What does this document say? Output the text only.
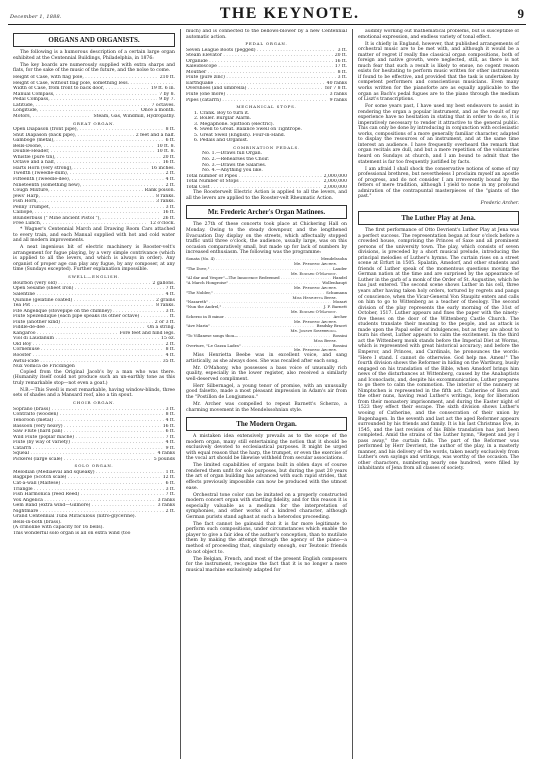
December 1, 1888.	THE KEYNOTE.	9
ORGANS AND ORGANISTS.

The following is a humorous description of a certain large organ exhibited at the Centennial Buildings, Philadelphia, in 1876:

The key boards are numerously supplied with extra sharps and flats, for the sake of the music of the future, and the nolse to come.

Height of Case, with flag pole, . . .	210 ft.
Height of Case, without flag pole, something less. . . .
Width of Case, from front to back door, . . .	19 ft. 6 in.
Manual Compass, . . .	7 by 8.
Pedal Compass, . . .	9 by 7.
Latitude, . . .	7 octaves.
Longitude, . . .	Once a month.
Motors, . . .	Steam, Gas, Windmill, Hydropathy.
GREAT ORGAN.
Open Diapason (front pipe), . . .	8 ft.
Shut Diapason (back pipe), . . .	2 feet and a half.
Gamboge (metal), . . .	6 ft.
Bells-Doone, . . .	10 ft. 8.
Double-Header, . . .	10 ft. 8.
Whistle (pure tin), . . .	20 ft.
Octave and a half, . . .	16 ft.
Harts Horn (very strong), . . .	16 inches.
Twelfth (Tweedle-dum), . . .	2 ft.
Fifteenth (Tweedle-dee), . . .	4 ft.
Nineteenth (something new), . . .	2 ft.
Cough Mixture, . . .	Rank poison.
Jews' Harp, . . .	8 ranks.
Fish Horn, . . .	3 ranks.
Penny Trumpet, . . .	3 ft.
Calliope, . . .	16 ft.
Blunderbuss (" Mine ancient Pistol "), . . .	26 ft.
Free Lunch, . . .	12 o'clock.

* Wagner's Centennial March and Drawing Room Cars attached to every train, and each Manual supplied with hot and cold water and all modern improvements.

A neat ingenious bit of electric machinery is Rooster-velt's arrangement for fugue playing, by a very simple contrivance (which is applied to all the levers, and which is always in order). Any organist of proper age can play any fugue, by any composer, at any time (Sundays excepted). Further explanation impossible.

SWELL—ENGLISH.
Bourbon (very old) . . .	2 gallons.
Open Sesame (sheet iron) . . .	7 ft.
Salentine . . .	4 ft.
Quinine (gelatine coated) . . .	2 grains
Tea Pot . . .	8 ranks.
Fife Angelique (stovepipe on the chimney) . . .	3 ft.
Flute Spezendique (each pipe speaks its other octave) . . .	ft.
Flute (another kind) . . .	2 or 3 ft.
Fiddle-de-dee . . .	On a string.
Kangaroo . . .	Fore feet and hind legs.
Viol di Laudanum . . .	15 oz.
Old Boy . . .	2 ft.
Cornemuse . . .	8 ft.
Rooster . . .	4 ft.
Awful-icide . . .	35 ft.
Nux Vomica de Fricdingen

Copied from the Original Jacob's by a man who was there. (Humanity itself could not produce such an un-earthly tone as this truly remarkable stop—not even a goat.)

N.B.—This Swell is most remarkable, having window-blinds, three sets of shades and a Mansard roof, also a tin spout.

CHOIR ORGAN.
Soprano (brass) . . .	3 ft.
Contralto (wooden) . . .	8 ft.
Tenoroon (metal) . . .	4 ft.
Bassoon (very heavy) . . .	16 ft.
Saw Flute (hard pan) . . .	6 ft.
Wild Flute (poplar mache) . . .	7 ft.
Flute (by way of variety) . . .	4 ft.
Catarrh . . .	9 ft.
Squeal . . .	4 ranks
Pickerel (large scale) . . .	5 pounds
SOLO ORGAN.
Melodian (Mediaeval and squeaky) . . .	1 ft.
Bagpipe (Scotch scale) . . .	12 ft.
Cat-a-wall (Maltese) . . .	6 ft.
Triangle . . .	3 ft.
Fish Harmonica (reed Reed) . . .	7 ft.
Vox Angelica . . .	3 ranks
Gem Band (extra wind—Gilmore) . . .	3 ranks
Nightmare . . .	2 ft.
Grand Centennial Tuba Miraculous (nitro-glycerine).
Bells-in-both (brass).
(A crinoline with capacity for 16 bells).
This wonderful solo organ is all on extra wind (too
much) and is connected to the bellows-blower by a new Centennial automatic action.
PEDAL ORGAN.
Seven League Boots (pegged) . . .	3 ft.
Steam Elevator . . .	20 ft.
Organide . . .	16 ft.
Kaleidoscope . . .	17 ft.
Mouther . . .	8 ft.
Flute (pure zinc) . . .	3 ft.
Earthquake . . .	40 ranks
Overshoes (and umbrella) . . .	for 7 8 ft.
Flute (one more) . . .	3 ranks
Pipes (catarrh) . . .	9 ranks
MECHANICAL STOPS.
1. Crank. Boy to turn it.
2. Boiler. Burglar Alarm.
3. Megaphone. Spittoon (electric).
4. Swell to Great. Balance Swell on Tightrope.
5. Great Swell (English). Four-in-Hand.
6. Pedals and Organist.
COMBINATION PEDALS.
No. 1.—Draws full Organ.
No. 2.—Rehearses the Choir.
No. 3.—Draws the Salaries.
No. 4.—Anything you like.
Total number of Pipes . . .	2,000,000
Total Number of Stops . . .	2,000,000
Total Cost . . .	2,000,000

The Roosterwelt Electric Action is applied to all the levers, and all the levers are applied to the Rooster-velt Rheumatic Action.

Mr. Frederic Archer's Organ Matinees.

The 27th of these concerts took place at Chickering Hall on Monday. Owing to the steady downpour, and the lengthened Evacuation Day display on the streets, which affectually stopped traffic until three o'clock, the audience, usually large, was on this occasion comparatively small, but made up for lack of numbers by increased enthusiasm. The following was the programme:

Sonata (No. 4) . . .	Mendelssohn
Mr. Frederic Archer.
"The Dove," . . .	Lauder
Mr. Edward O'Mahony.
"Al dar and Vesper"—The Innocence Redeemed . . .	Handel
"A March Hongroise" . . .	Wollenhaupt
Mr. Frederic Archer.
"The Nobler," . . .	Schumann
Miss Henrietta Beebe.
"Nazareth" . . .	Mozart
"Nun the Andrel," . . .	J. F. Barnett
Mr. Edward O'Mahony.
Scherzo in B minor . . .	Archer
Mr. Frederic Archer.
"Ave Maria" . . .	Bradsky Bracet
Mr. Joseph Siberbroug.
"To Villanese songs thou— . . .	Rossini
Miss Beebe.
Overture, "Le Gazza Ladra" . . .	Rossini
Mr. Frederic Archer.

Miss Henrietta Beebe was in excellent voice, and sang artistically, as she always does. She was recalled after each song.

Mr. O'Mahony, who possesses a bass voice of unusually rich quality, especially in the lower register, also received a similarly well-deserved compliment.

Herr Silbernagel, a young tenor of promise, with an unusually good falsetto, made a most pleasant impression in Adam's air from the "Postillon de Longjumeau."

Mr. Archer was compelled to repeat Barnett's Scherzo, a charming movement in the Mendelssohnian style.

The Modern Organ.

A mistaken idea extensively prevails as to the scope of the modern organ, many still entertaining the notion that it should be exclusively devoted to ecclesiastical purposes. It might be urged with equal reason that the harp, the trumpet, or even the exercise of the vocal art should be likewise withheld from secular associations.

The limited capabilities of organs built in olden days of course rendered them unfit for solo purposes, but during the past 20 years the art of organ building has advanced with such rapid strides, that effects previously impossible can now be produced with the utmost ease.

Orchestral tone color can be imitated on a properly constructed modern concert organ with startling fidelity, and for this reason it is especially valuable as a medium for the interpretation of symphonies, and other works of a kindred character, although German purists stand aghast at such a heterodox proceeding.

The fact cannot be gainsaid that it is far more legitimate to perform such compositions, under circumstances which enable the player to give a fair idea of the author's conception, than to mutilate them by making the attempt through the agency of the piano—a method of proceeding that, singularly enough, our Teutonic friends do not object to.

The Belgian, French, and most of the present English composers for the instrument, recognize the fact that it is no longer a mere musical machine exclusively adapted for

audibly working out mathematical problems, but is susceptible of emotional expression, and endless variety of tonal effect.

It is chiefly in England, however, that published arrangements of orchestral music are to be met with, and although it would be a matter of regret if really fine classical organ compositions, both of foreign and native growth, were neglected, still, as there is not much fear that such a result is likely to ensue, no cogent reason exists for hesitating to perform music written for other instruments if found to be effective, and provided that the task is undertaken by competent performers and conscientious musicians. Even many works written for the pianoforte are as equally applicable to the organ as Bach's pedal fugues are to the piano through the medium of Liszt's transcriptions.

For some years past, I have used my best endeavors to assist in rendering the organ a popular instrument, and as the result of my experience have no hesitation in stating that in order to do so, it is imperatively necessary to render it attractive to the general public. This can only be done by introducing in conjunction with ecclesiastic works, compositions of a more generally familiar character, adapted to display the resources of an instrument, and at the same time interest an audience. I have frequently overheard the remark that organ recitals are dull, and but a mere repetition of the voluntaries heard on Sundays at church, and I am bound to admit that the statement is far too frequently justified by facts.

I am afraid I shall shock the conservative notions of some of my professional brethren, but nevertheless I proclaim myself an apostle of progress, and do not consider I am irreverently bound by the fetters of mere tradition, although I yield to none in my profound admiration of the contrapuntal masterpieces of the "giants of the past."

Frederic Archer.
The Luther Play at Jena.

The first performance of Otto Devrient's Luther Play at Jena was a perfect success. The representation began at four o'clock before a crowded house, comprising the Princes of Saxe and all prominent persons of the university town. The play, which consists of seven divisions, is preceded by a short musical prelude, introducing the principal melodies of Luther's hymns. The curtain rises on a street scene at Erfurt in 1505. Spalatin, Amsdorf, and other students and friends of Luther speak of the momentous questions moving the German nation at the time and are surprised by the appearance of Luther in the garb of a monk of the Order of St. Augustine, which he has just entered. The second scene shows Luther in his cell, three years after having taken holy orders, tortured by regrets and pangs of conscience, when the Vicar-General Von Staupitz enters and calls on him to go to Wittenberg as a teacher of theology. The second division of the play represents the early morning of the 31st of October, 1517. Luther appears and fixes the paper with the ninety-five theses on the door of the Wittenberg Castle Church. The students translate their meaning to the people, and as attack is made upon the Papal seller of indulgences, but as they are about to burn his chest, Luther appears to calm the excitement. In the third act the Wittenberg monk stands before the Imperial Diet at Worms, which is represented with great historical accuracy; and before the Emperor, and Princes, and Cardinals, he pronounces the words: "Here I stand. I cannot do otherwise. God help me. Amen!" The fourth division shows the Reformer in hiding on the Wartburg, busily engaged on his translation of the Bible, when Amsdorf brings him news of the disturbances at Wittenberg, caused by the Anabaptists and Iconoclasts, and, despite his excommunication, Luther prepares to go there to calm the commotion. The interior of the nunnery at Nimptschen is represented in the fifth act. Catherine of Bora and the other nuns, having read Luther's writings, long for liberation from their monastery imprisonment, and during the Easter night of 1523 they effect their escape. The sixth division shows Luther's wooing of Catherine, and the consecration of their union by Bugenhagen. In the seventh and last act the aged Reformer appears surrounded by his friends and family. It is his last Christmas Eve, in 1545, and the last revision of his Bible translation has just been completed. Amid the strains of the Luther hymn, "Repent and joy I pass away," the curtain falls. The part of the Reformer was performed by Herr Devrient, the author of the play, in a masterly manner, and his delivery of the words, taken nearly exclusively from Luther's own sayings and writings, was worthy of the occasion. The other characters, numbering nearly one hundred, were filled by inhabitants of Jena from all classes of society.
